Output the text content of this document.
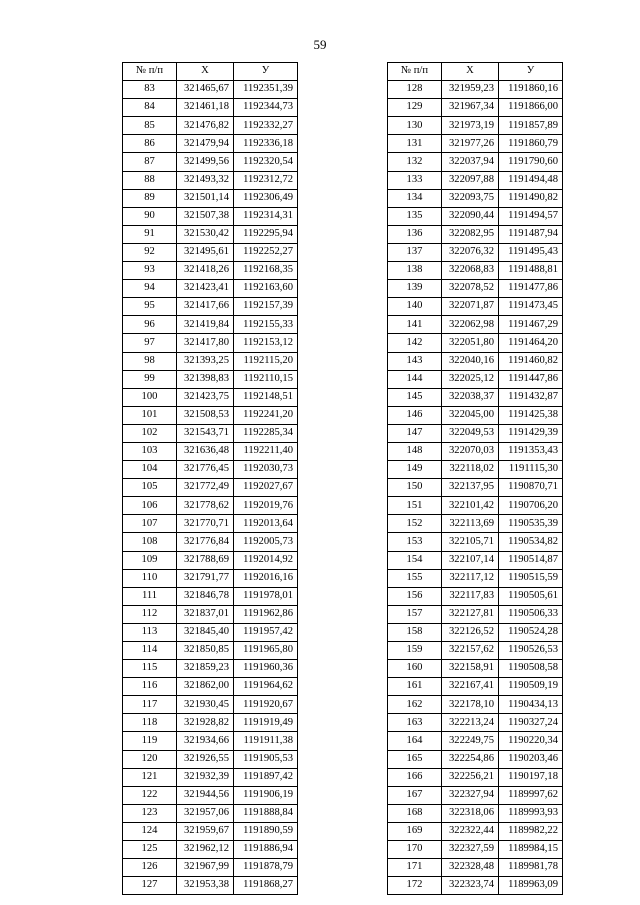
59
№ п/п	X	У
83	321465,67	1192351,39
84	321461,18	1192344,73
85	321476,82	1192332,27
86	321479,94	1192336,18
87	321499,56	1192320,54
88	321493,32	1192312,72
89	321501,14	1192306,49
90	321507,38	1192314,31
91	321530,42	1192295,94
92	321495,61	1192252,27
93	321418,26	1192168,35
94	321423,41	1192163,60
95	321417,66	1192157,39
96	321419,84	1192155,33
97	321417,80	1192153,12
98	321393,25	1192115,20
99	321398,83	1192110,15
100	321423,75	1192148,51
101	321508,53	1192241,20
102	321543,71	1192285,34
103	321636,48	1192211,40
104	321776,45	1192030,73
105	321772,49	1192027,67
106	321778,62	1192019,76
107	321770,71	1192013,64
108	321776,84	1192005,73
109	321788,69	1192014,92
110	321791,77	1192016,16
111	321846,78	1191978,01
112	321837,01	1191962,86
113	321845,40	1191957,42
114	321850,85	1191965,80
115	321859,23	1191960,36
116	321862,00	1191964,62
117	321930,45	1191920,67
118	321928,82	1191919,49
119	321934,66	1191911,38
120	321926,55	1191905,53
121	321932,39	1191897,42
122	321944,56	1191906,19
123	321957,06	1191888,84
124	321959,67	1191890,59
125	321962,12	1191886,94
126	321967,99	1191878,79
127	321953,38	1191868,27
№ п/п	X	У
128	321959,23	1191860,16
129	321967,34	1191866,00
130	321973,19	1191857,89
131	321977,26	1191860,79
132	322037,94	1191790,60
133	322097,88	1191494,48
134	322093,75	1191490,82
135	322090,44	1191494,57
136	322082,95	1191487,94
137	322076,32	1191495,43
138	322068,83	1191488,81
139	322078,52	1191477,86
140	322071,87	1191473,45
141	322062,98	1191467,29
142	322051,80	1191464,20
143	322040,16	1191460,82
144	322025,12	1191447,86
145	322038,37	1191432,87
146	322045,00	1191425,38
147	322049,53	1191429,39
148	322070,03	1191353,43
149	322118,02	1191115,30
150	322137,95	1190870,71
151	322101,42	1190706,20
152	322113,69	1190535,39
153	322105,71	1190534,82
154	322107,14	1190514,87
155	322117,12	1190515,59
156	322117,83	1190505,61
157	322127,81	1190506,33
158	322126,52	1190524,28
159	322157,62	1190526,53
160	322158,91	1190508,58
161	322167,41	1190509,19
162	322178,10	1190434,13
163	322213,24	1190327,24
164	322249,75	1190220,34
165	322254,86	1190203,46
166	322256,21	1190197,18
167	322327,94	1189997,62
168	322318,06	1189993,93
169	322322,44	1189982,22
170	322327,59	1189984,15
171	322328,48	1189981,78
172	322323,74	1189963,09
